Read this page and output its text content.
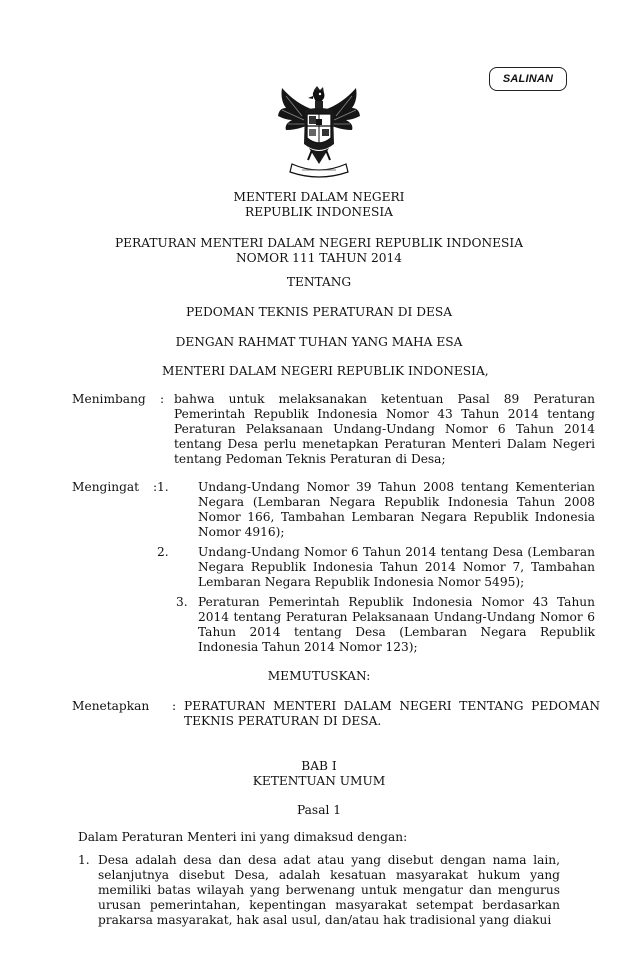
SALINAN
MENTERI DALAM NEGERI
REPUBLIK INDONESIA
PERATURAN MENTERI DALAM NEGERI REPUBLIK INDONESIA
NOMOR 111 TAHUN 2014
TENTANG
PEDOMAN TEKNIS PERATURAN DI DESA
DENGAN RAHMAT TUHAN YANG MAHA ESA
MENTERI DALAM NEGERI REPUBLIK INDONESIA,
Menimbang : bahwa untuk melaksanakan ketentuan Pasal 89 Peraturan Pemerintah Republik Indonesia Nomor 43 Tahun 2014 tentang Peraturan Pelaksanaan Undang-Undang Nomor 6 Tahun 2014 tentang Desa perlu menetapkan Peraturan Menteri Dalam Negeri tentang Pedoman Teknis Peraturan di Desa;
Mengingat : 1. Undang-Undang Nomor 39 Tahun 2008 tentang Kementerian Negara (Lembaran Negara Republik Indonesia Tahun 2008 Nomor 166, Tambahan Lembaran Negara Republik Indonesia Nomor 4916);
2. Undang-Undang Nomor 6 Tahun 2014 tentang Desa (Lembaran Negara Republik Indonesia Tahun 2014 Nomor 7, Tambahan Lembaran Negara Republik Indonesia Nomor 5495);
3. Peraturan Pemerintah Republik Indonesia Nomor 43 Tahun 2014 tentang Peraturan Pelaksanaan Undang-Undang Nomor 6 Tahun 2014 tentang Desa (Lembaran Negara Republik Indonesia Tahun 2014 Nomor 123);
MEMUTUSKAN:
Menetapkan : PERATURAN MENTERI DALAM NEGERI TENTANG PEDOMAN
TEKNIS PERATURAN DI DESA.
BAB I
KETENTUAN UMUM
Pasal 1
Dalam Peraturan Menteri ini yang dimaksud dengan:
1. Desa adalah desa dan desa adat atau yang disebut dengan nama lain, selanjutnya disebut Desa, adalah kesatuan masyarakat hukum yang memiliki batas wilayah yang berwenang untuk mengatur dan mengurus urusan pemerintahan, kepentingan masyarakat setempat berdasarkan prakarsa masyarakat, hak asal usul, dan/atau hak tradisional yang diakui
